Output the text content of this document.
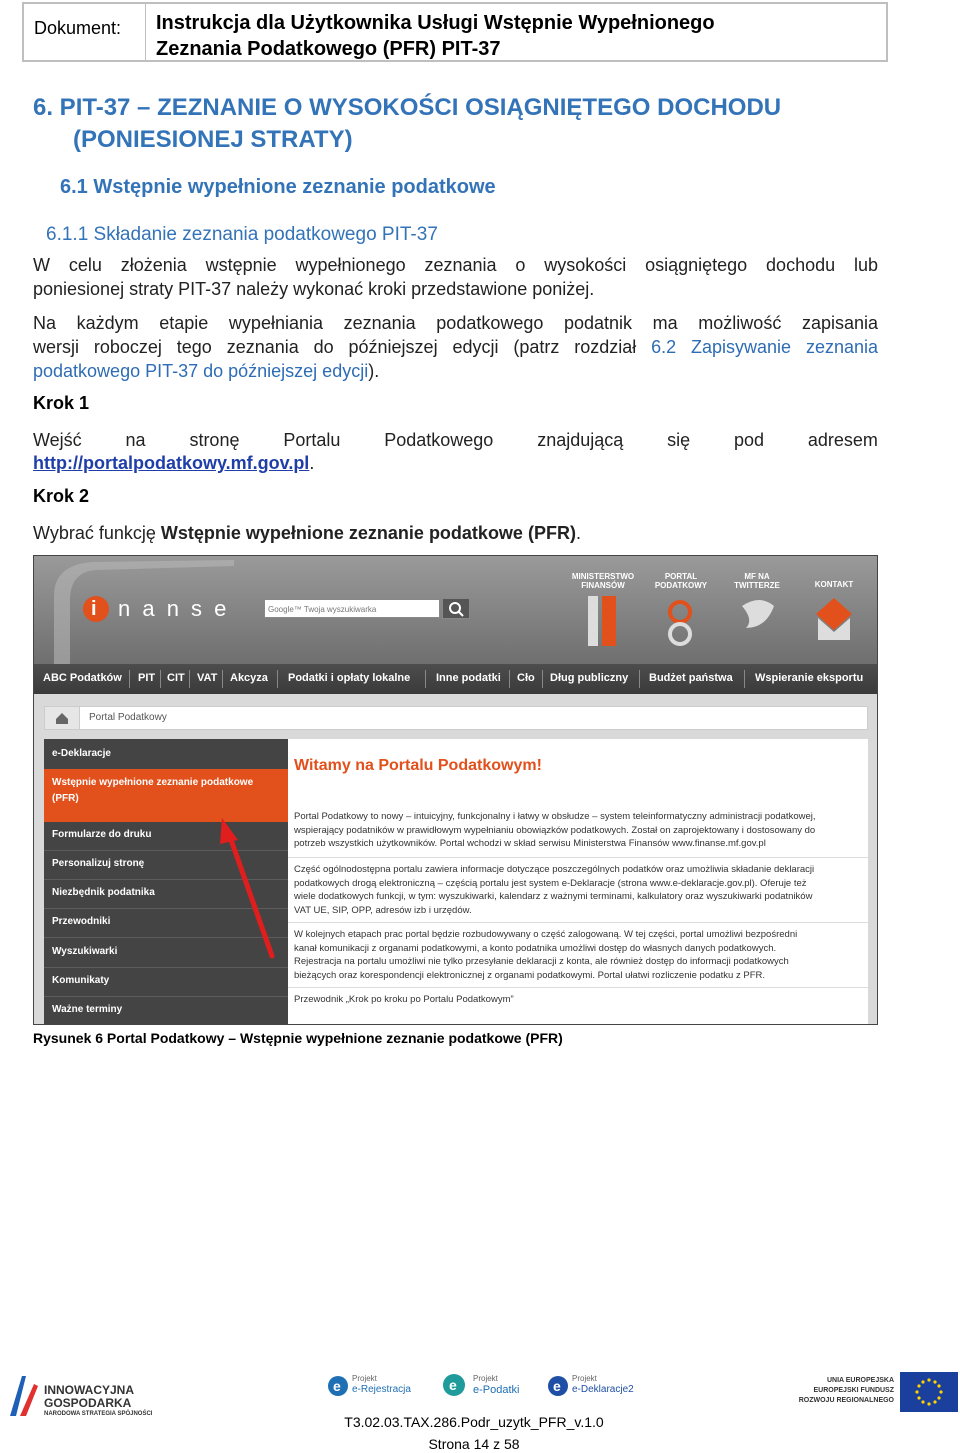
Dokument:	Instrukcja dla Użytkownika Usługi Wstępnie Wypełnionego
Zeznania Podatkowego (PFR) PIT-37
6. PIT-37 – ZEZNANIE O WYSOKOŚCI OSIĄGNIĘTEGO DOCHODU
(PONIESIONEJ STRATY)
6.1 Wstępnie wypełnione zeznanie podatkowe
6.1.1 Składanie zeznania podatkowego PIT-37
W celu złożenia wstępnie wypełnionego zeznania o wysokości osiągniętego dochodu lub
poniesionej straty PIT-37 należy wykonać kroki przedstawione poniżej.
Na każdym etapie wypełniania zeznania podatkowego podatnik ma możliwość zapisania
wersji roboczej tego zeznania do późniejszej edycji (patrz rozdział 6.2 Zapisywanie zeznania
podatkowego PIT-37 do późniejszej edycji).
Krok 1
Wejść na stronę Portalu Podatkowego znajdującą się pod adresem
http://portalpodatkowy.mf.gov.pl.
Krok 2
Wybrać funkcję Wstępnie wypełnione zeznanie podatkowe (PFR).
i n a n s e	Google™ Twoja wyszukiwarka
MINISTERSTWO FINANSÓW
PORTAL PODATKOWY
MF NA TWITTERZE	KONTAKT
ABC Podatków PIT CIT VAT Akcyza Podatki i opłaty lokalne Inne podatki Cło Dług publiczny Budżet państwa Wspieranie eksportu
Portal Podatkowy
e-Deklaracje
Wstępnie wypełnione zeznanie podatkowe
(PFR)
Formularze do druku
Personalizuj stronę
Niezbędnik podatnika
Przewodniki
Wyszukiwarki
Komunikaty
Ważne terminy
Witamy na Portalu Podatkowym!
Portal Podatkowy to nowy – intuicyjny, funkcjonalny i łatwy w obsłudze – system teleinformatyczny administracji podatkowej,
wspierający podatników w prawidłowym wypełnianiu obowiązków podatkowych. Został on zaprojektowany i dostosowany do
potrzeb wszystkich użytkowników. Portal wchodzi w skład serwisu Ministerstwa Finansów www.finanse.mf.gov.pl
Część ogólnodostępna portalu zawiera informacje dotyczące poszczególnych podatków oraz umożliwia składanie deklaracji
podatkowych drogą elektroniczną – częścią portalu jest system e-Deklaracje (strona www.e-deklaracje.gov.pl). Oferuje też
wiele dodatkowych funkcji, w tym: wyszukiwarki, kalendarz z ważnymi terminami, kalkulatory oraz wyszukiwarki podatników
VAT UE, SIP, OPP, adresów izb i urzędów.
W kolejnych etapach prac portal będzie rozbudowywany o część zalogowaną. W tej części, portal umożliwi bezpośredni
kanał komunikacji z organami podatkowymi, a konto podatnika umożliwi dostęp do własnych danych podatkowych.
Rejestracja na portalu umożliwi nie tylko przesyłanie deklaracji z konta, ale również dostęp do informacji podatkowych
bieżących oraz korespondencji elektronicznej z organami podatkowymi. Portal ułatwi rozliczenie podatku z PFR.
Przewodnik „Krok po kroku po Portalu Podatkowym”
Rysunek 6 Portal Podatkowy – Wstępnie wypełnione zeznanie podatkowe (PFR)
INNOWACYJNA
GOSPODARKA
NARODOWA STRATEGIA SPÓJNOŚCI
e Projekt
e-Rejestracja	e Projekt
e-Podatki e Projekt
e-Deklaracje2
UNIA EUROPEJSKA
EUROPEJSKI FUNDUSZ
ROZWOJU REGIONALNEGO
T3.02.03.TAX.286.Podr_uzytk_PFR_v.1.0
Strona 14 z 58
